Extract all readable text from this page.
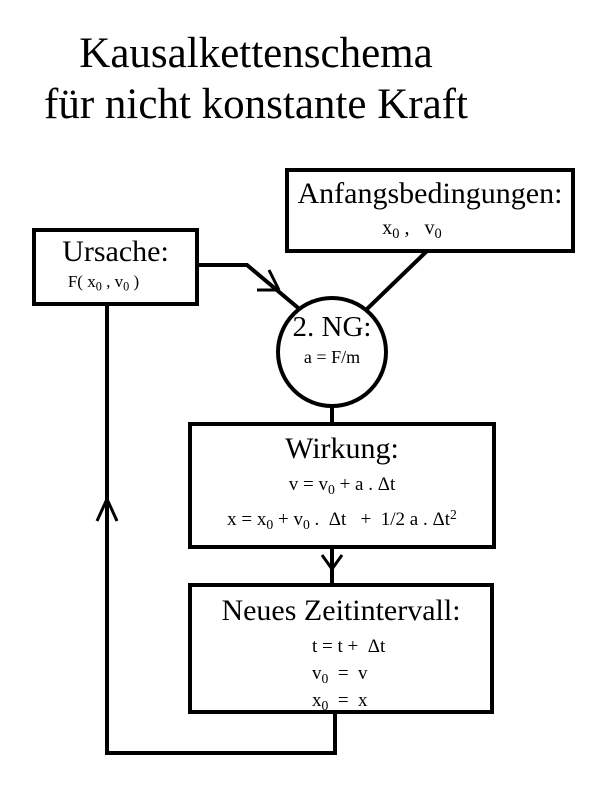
Kausalkettenschema
für nicht konstante Kraft
Anfangsbedingungen:
$x_0$ ,   $v_0$
Ursache:
F( $x_0$ , $v_0$ )
2. NG:
a = F/m
Wirkung:
$v = v_0 + a$ . Δt
$x = x_0 + v_0$ .  Δt   +  1/2 a . $\Delta t^2$
Neues Zeitintervall:
t = t +  Δt
$v_0 = v$
$x_0 = x$
